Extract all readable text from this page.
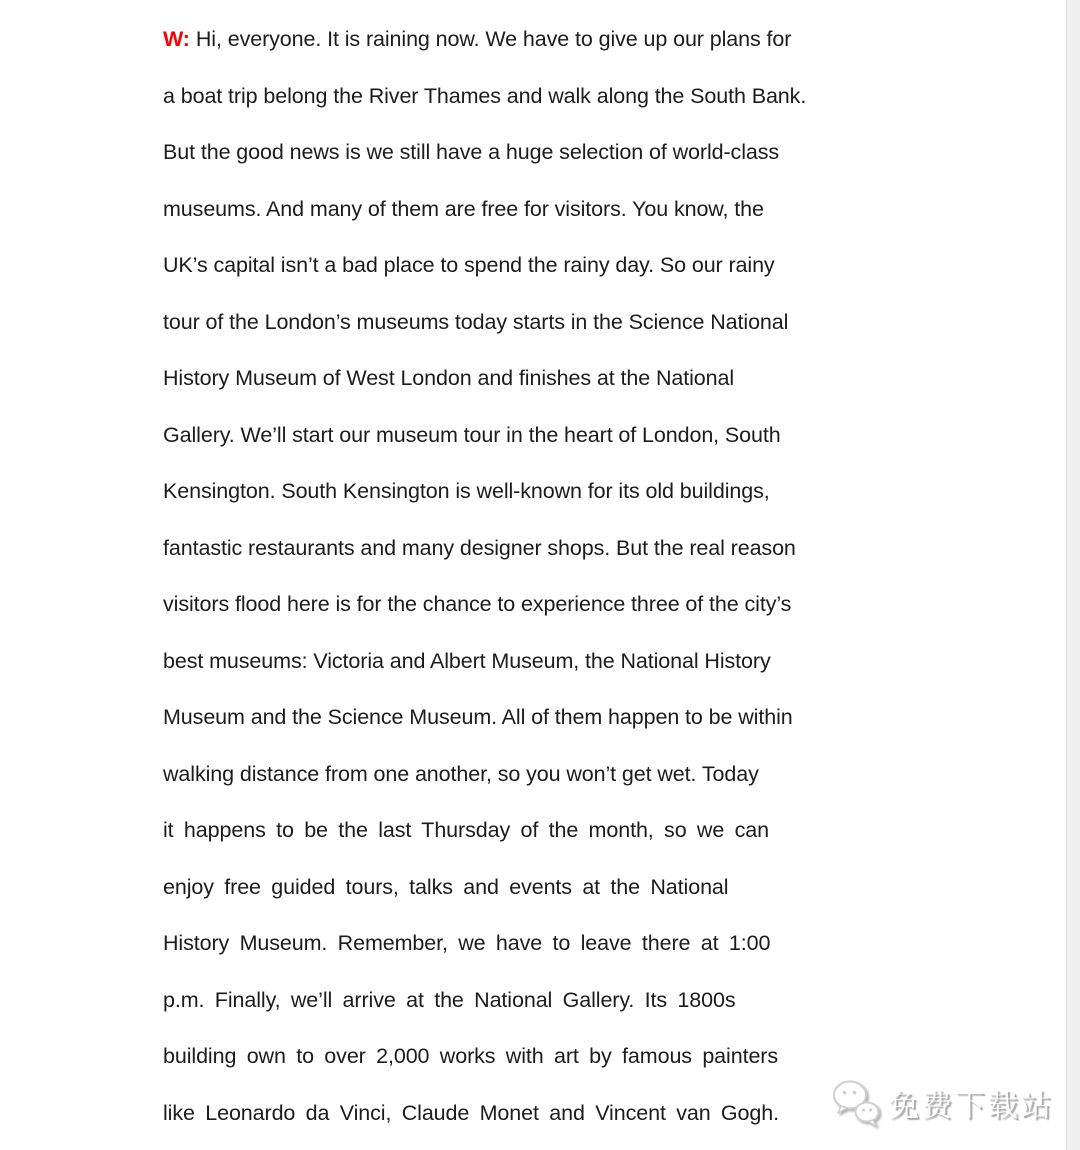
W: Hi, everyone. It is raining now. We have to give up our plans for
a boat trip belong the River Thames and walk along the South Bank.
But the good news is we still have a huge selection of world-class
museums. And many of them are free for visitors. You know, the
UK’s capital isn’t a bad place to spend the rainy day. So our rainy
tour of the London’s museums today starts in the Science National
History Museum of West London and finishes at the National
Gallery. We’ll start our museum tour in the heart of London, South
Kensington. South Kensington is well-known for its old buildings,
fantastic restaurants and many designer shops. But the real reason
visitors flood here is for the chance to experience three of the city’s
best museums: Victoria and Albert Museum, the National History
Museum and the Science Museum. All of them happen to be within
walking distance from one another, so you won’t get wet. Today
it happens to be the last Thursday of the month, so we can
enjoy free guided tours, talks and events at the National
History Museum. Remember, we have to leave there at 1:00
p.m. Finally, we’ll arrive at the National Gallery. Its 1800s
building own to over 2,000 works with art by famous painters
like Leonardo da Vinci, Claude Monet and Vincent van Gogh.	免费下载站
